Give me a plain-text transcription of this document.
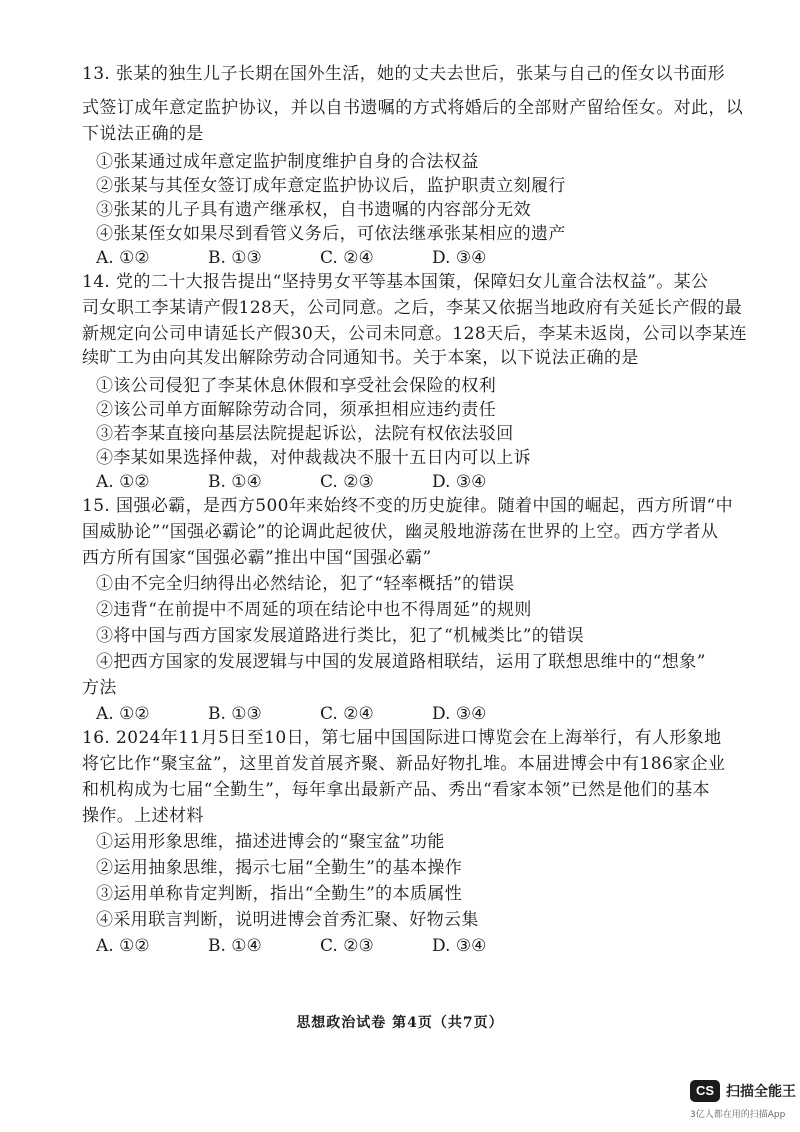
13. 张某的独生儿子长期在国外生活，她的丈夫去世后，张某与自己的侄女以书面形
式签订成年意定监护协议，并以自书遗嘱的方式将婚后的全部财产留给侄女。对此，以
下说法正确的是
①张某通过成年意定监护制度维护自身的合法权益
②张某与其侄女签订成年意定监护协议后，监护职责立刻履行
③张某的儿子具有遗产继承权，自书遗嘱的内容部分无效
④张某侄女如果尽到看管义务后，可依法继承张某相应的遗产
A. ①②	B. ①③	C. ②④	D. ③④
14. 党的二十大报告提出“坚持男女平等基本国策，保障妇女儿童合法权益”。某公
司女职工李某请产假128天，公司同意。之后，李某又依据当地政府有关延长产假的最
新规定向公司申请延长产假30天，公司未同意。128天后，李某未返岗，公司以李某连
续旷工为由向其发出解除劳动合同通知书。关于本案，以下说法正确的是
①该公司侵犯了李某休息休假和享受社会保险的权利
②该公司单方面解除劳动合同，须承担相应违约责任
③若李某直接向基层法院提起诉讼，法院有权依法驳回
④李某如果选择仲裁，对仲裁裁决不服十五日内可以上诉
A. ①②	B. ①④	C. ②③	D. ③④
15. 国强必霸，是西方500年来始终不变的历史旋律。随着中国的崛起，西方所谓“中
国威胁论”“国强必霸论”的论调此起彼伏，幽灵般地游荡在世界的上空。西方学者从
西方所有国家“国强必霸”推出中国“国强必霸”
①由不完全归纳得出必然结论，犯了“轻率概括”的错误
②违背“在前提中不周延的项在结论中也不得周延”的规则
③将中国与西方国家发展道路进行类比，犯了“机械类比”的错误
④把西方国家的发展逻辑与中国的发展道路相联结，运用了联想思维中的“想象”
方法
A. ①②	B. ①③	C. ②④	D. ③④
16. 2024年11月5日至10日，第七届中国国际进口博览会在上海举行，有人形象地
将它比作“聚宝盆”，这里首发首展齐聚、新品好物扎堆。本届进博会中有186家企业
和机构成为七届“全勤生”，每年拿出最新产品、秀出“看家本领”已然是他们的基本
操作。上述材料
①运用形象思维，描述进博会的“聚宝盆”功能
②运用抽象思维，揭示七届“全勤生”的基本操作
③运用单称肯定判断，指出“全勤生”的本质属性
④采用联言判断，说明进博会首秀汇聚、好物云集
A. ①②	B. ①④	C. ②③	D. ③④
思想政治试卷 第4页（共7页）
CS 扫描全能王
3亿人都在用的扫描App
